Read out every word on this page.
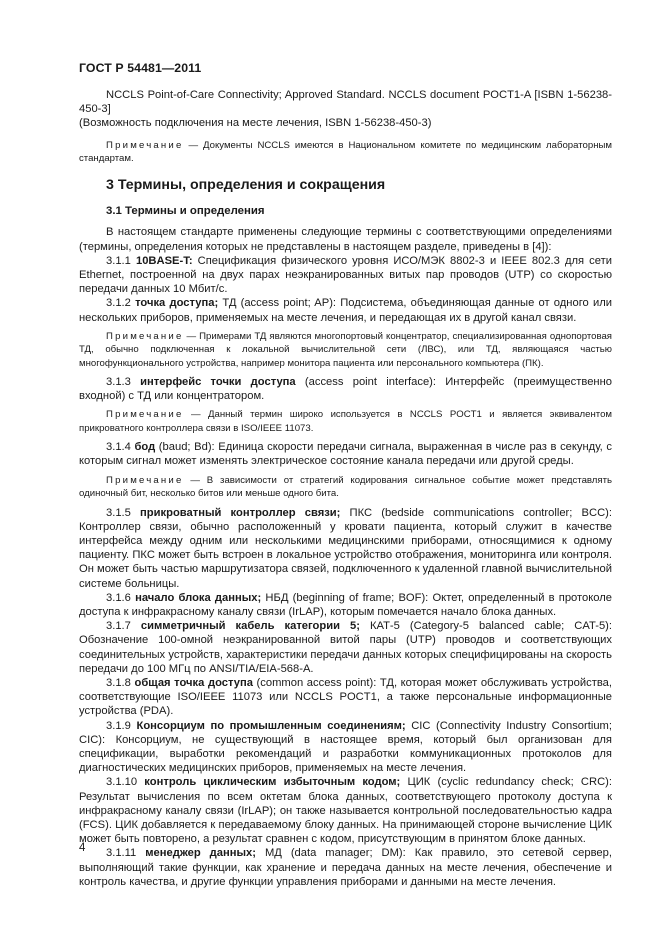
ГОСТ Р 54481—2011

NCCLS Point-of-Care Connectivity; Approved Standard. NCCLS document POCT1-A [ISBN 1-56238-450-3]
(Возможность подключения на месте лечения, ISBN 1-56238-450-3)

Примечание — Документы NCCLS имеются в Национальном комитете по медицинским лабораторным стандартам.

3 Термины, определения и сокращения

3.1 Термины и определения

В настоящем стандарте применены следующие термины с соответствующими определениями (термины, определения которых не представлены в настоящем разделе, приведены в [4]):

3.1.1 10BASE-T: Спецификация физического уровня ИСО/МЭК 8802-3 и IEEE 802.3 для сети Ethernet, построенной на двух парах неэкранированных витых пар проводов (UTP) со скоростью передачи данных 10 Мбит/с.

3.1.2 точка доступа; ТД (access point; AP): Подсистема, объединяющая данные от одного или нескольких приборов, применяемых на месте лечения, и передающая их в другой канал связи.

Примечание — Примерами ТД являются многопортовый концентратор, специализированная однопортовая ТД, обычно подключенная к локальной вычислительной сети (ЛВС), или ТД, являющаяся частью многофункционального устройства, например монитора пациента или персонального компьютера (ПК).

3.1.3 интерфейс точки доступа (access point interface): Интерфейс (преимущественно входной) с ТД или концентратором.

Примечание — Данный термин широко используется в NCCLS POCT1 и является эквивалентом прикроватного контроллера связи в ISO/IEEE 11073.

3.1.4 бод (baud; Bd): Единица скорости передачи сигнала, выраженная в числе раз в секунду, с которым сигнал может изменять электрическое состояние канала передачи или другой среды.

Примечание — В зависимости от стратегий кодирования сигнальное событие может представлять одиночный бит, несколько битов или меньше одного бита.

3.1.5 прикроватный контроллер связи; ПКС (bedside communications controller; BCC): Контроллер связи, обычно расположенный у кровати пациента, который служит в качестве интерфейса между одним или несколькими медицинскими приборами, относящимися к одному пациенту. ПКС может быть встроен в локальное устройство отображения, мониторинга или контроля. Он может быть частью маршрутизатора связей, подключенного к удаленной главной вычислительной системе больницы.

3.1.6 начало блока данных; НБД (beginning of frame; BOF): Октет, определенный в протоколе доступа к инфракрасному каналу связи (IrLAP), которым помечается начало блока данных.

3.1.7 симметричный кабель категории 5; КАТ-5 (Category-5 balanced cable; CAT-5): Обозначение 100-омной неэкранированной витой пары (UTP) проводов и соответствующих соединительных устройств, характеристики передачи данных которых специфицированы на скорость передачи до 100 МГц по ANSI/TIA/EIA-568-A.

3.1.8 общая точка доступа (common access point): ТД, которая может обслуживать устройства, соответствующие ISO/IEEE 11073 или NCCLS POCT1, а также персональные информационные устройства (PDA).

3.1.9 Консорциум по промышленным соединениям; CIC (Connectivity Industry Consortium; CIC): Консорциум, не существующий в настоящее время, который был организован для спецификации, выработки рекомендаций и разработки коммуникационных протоколов для диагностических медицинских приборов, применяемых на месте лечения.

3.1.10 контроль циклическим избыточным кодом; ЦИК (cyclic redundancy check; CRC): Результат вычисления по всем октетам блока данных, соответствующего протоколу доступа к инфракрасному каналу связи (IrLAP); он также называется контрольной последовательностью кадра (FCS). ЦИК добавляется к передаваемому блоку данных. На принимающей стороне вычисление ЦИК может быть повторено, а результат сравнен с кодом, присутствующим в принятом блоке данных.

3.1.11 менеджер данных; МД (data manager; DM): Как правило, это сетевой сервер, выполняющий такие функции, как хранение и передача данных на месте лечения, обеспечение и контроль качества, и другие функции управления приборами и данными на месте лечения.

4
